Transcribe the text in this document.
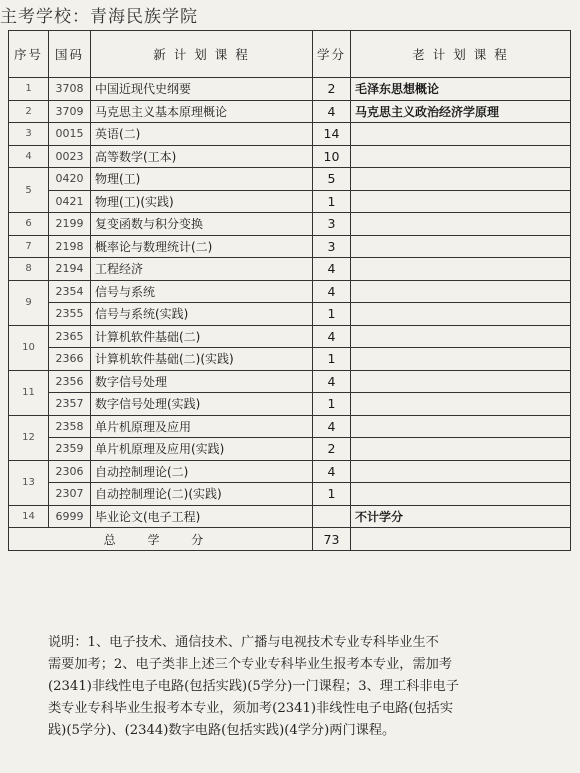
主考学校：青海民族学院
序号	国码	新 计 划 课 程	学分	老 计 划 课 程
1	3708	中国近现代史纲要	2	毛泽东思想概论
2	3709	马克思主义基本原理概论	4	马克思主义政治经济学原理
3	0015	英语(二)	14	
4	0023	高等数学(工本)	10	
5	0420	物理(工)	5	
	0421	物理(工)(实践)	1	
6	2199	复变函数与积分变换	3	
7	2198	概率论与数理统计(二)	3	
8	2194	工程经济	4	
9	2354	信号与系统	4	
	2355	信号与系统(实践)	1	
10	2365	计算机软件基础(二)	4	
	2366	计算机软件基础(二)(实践)	1	
11	2356	数字信号处理	4	
	2357	数字信号处理(实践)	1	
12	2358	单片机原理及应用	4	
	2359	单片机原理及应用(实践)	2	
13	2306	自动控制理论(二)	4	
	2307	自动控制理论(二)(实践)	1	
14	6999	毕业论文(电子工程)		不计学分
总 学 分			73	
说明：1、电子技术、通信技术、广播与电视技术专业专科毕业生不
需要加考；2、电子类非上述三个专业专科毕业生报考本专业，需加考
(2341)非线性电子电路(包括实践)(5学分)一门课程；3、理工科非电子
类专业专科毕业生报考本专业，须加考(2341)非线性电子电路(包括实
践)(5学分)、(2344)数字电路(包括实践)(4学分)两门课程。
